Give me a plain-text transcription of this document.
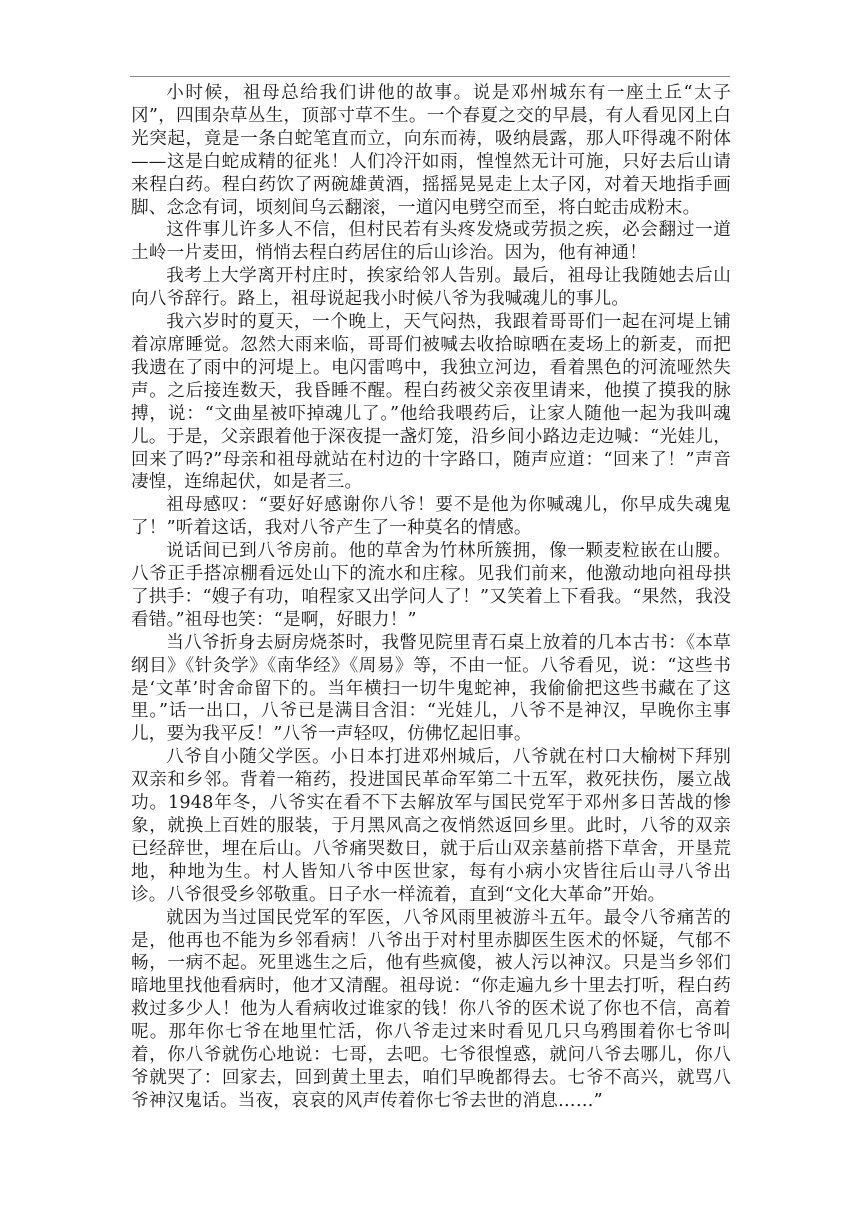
小时候，祖母总给我们讲他的故事。说是邓州城东有一座土丘“太子冈”，四围杂草丛生，顶部寸草不生。一个春夏之交的早晨，有人看见冈上白光突起，竟是一条白蛇笔直而立，向东而祷，吸纳晨露，那人吓得魂不附体——这是白蛇成精的征兆！人们冷汗如雨，惶惶然无计可施，只好去后山请来程白药。程白药饮了两碗雄黄酒，摇摇晃晃走上太子冈，对着天地指手画脚、念念有词，顷刻间乌云翻滚，一道闪电劈空而至，将白蛇击成粉末。

这件事儿许多人不信，但村民若有头疼发烧或劳损之疾，必会翻过一道土岭一片麦田，悄悄去程白药居住的后山诊治。因为，他有神通！

我考上大学离开村庄时，挨家给邻人告别。最后，祖母让我随她去后山向八爷辞行。路上，祖母说起我小时候八爷为我喊魂儿的事儿。

我六岁时的夏天，一个晚上，天气闷热，我跟着哥哥们一起在河堤上铺着凉席睡觉。忽然大雨来临，哥哥们被喊去收拾晾晒在麦场上的新麦，而把我遗在了雨中的河堤上。电闪雷鸣中，我独立河边，看着黑色的河流哑然失声。之后接连数天，我昏睡不醒。程白药被父亲夜里请来，他摸了摸我的脉搏，说：“文曲星被吓掉魂儿了。”他给我喂药后，让家人随他一起为我叫魂儿。于是，父亲跟着他于深夜提一盏灯笼，沿乡间小路边走边喊：“光娃儿，回来了吗?”母亲和祖母就站在村边的十字路口，随声应道：“回来了！”声音凄惶，连绵起伏，如是者三。

祖母感叹：“要好好感谢你八爷！要不是他为你喊魂儿，你早成失魂鬼了！”听着这话，我对八爷产生了一种莫名的情感。

说话间已到八爷房前。他的草舍为竹林所簇拥，像一颗麦粒嵌在山腰。八爷正手搭凉棚看远处山下的流水和庄稼。见我们前来，他激动地向祖母拱了拱手：“嫂子有功，咱程家又出学问人了！”又笑着上下看我。“果然，我没看错。”祖母也笑：“是啊，好眼力！”

当八爷折身去厨房烧茶时，我瞥见院里青石桌上放着的几本古书：《本草纲目》《针灸学》《南华经》《周易》等，不由一怔。八爷看见，说：“这些书是‘文革’时舍命留下的。当年横扫一切牛鬼蛇神，我偷偷把这些书藏在了这里。”话一出口，八爷已是满目含泪：“光娃儿，八爷不是神汉，早晚你主事儿，要为我平反！”八爷一声轻叹，仿佛忆起旧事。

八爷自小随父学医。小日本打进邓州城后，八爷就在村口大榆树下拜别双亲和乡邻。背着一箱药，投进国民革命军第二十五军，救死扶伤，屡立战功。1948年冬，八爷实在看不下去解放军与国民党军于邓州多日苦战的惨象，就换上百姓的服装，于月黑风高之夜悄然返回乡里。此时，八爷的双亲已经辞世，埋在后山。八爷痛哭数日，就于后山双亲墓前搭下草舍，开垦荒地，种地为生。村人皆知八爷中医世家，每有小病小灾皆往后山寻八爷出诊。八爷很受乡邻敬重。日子水一样流着，直到“文化大革命”开始。

就因为当过国民党军的军医，八爷风雨里被游斗五年。最令八爷痛苦的是，他再也不能为乡邻看病！八爷出于对村里赤脚医生医术的怀疑，气郁不畅，一病不起。死里逃生之后，他有些疯傻，被人污以神汉。只是当乡邻们暗地里找他看病时，他才又清醒。祖母说：“你走遍九乡十里去打听，程白药救过多少人！他为人看病收过谁家的钱！你八爷的医术说了你也不信，高着呢。那年你七爷在地里忙活，你八爷走过来时看见几只乌鸦围着你七爷叫着，你八爷就伤心地说：七哥，去吧。七爷很惶惑，就问八爷去哪儿，你八爷就哭了：回家去，回到黄土里去，咱们早晚都得去。七爷不高兴，就骂八爷神汉鬼话。当夜，哀哀的风声传着你七爷去世的消息……”
